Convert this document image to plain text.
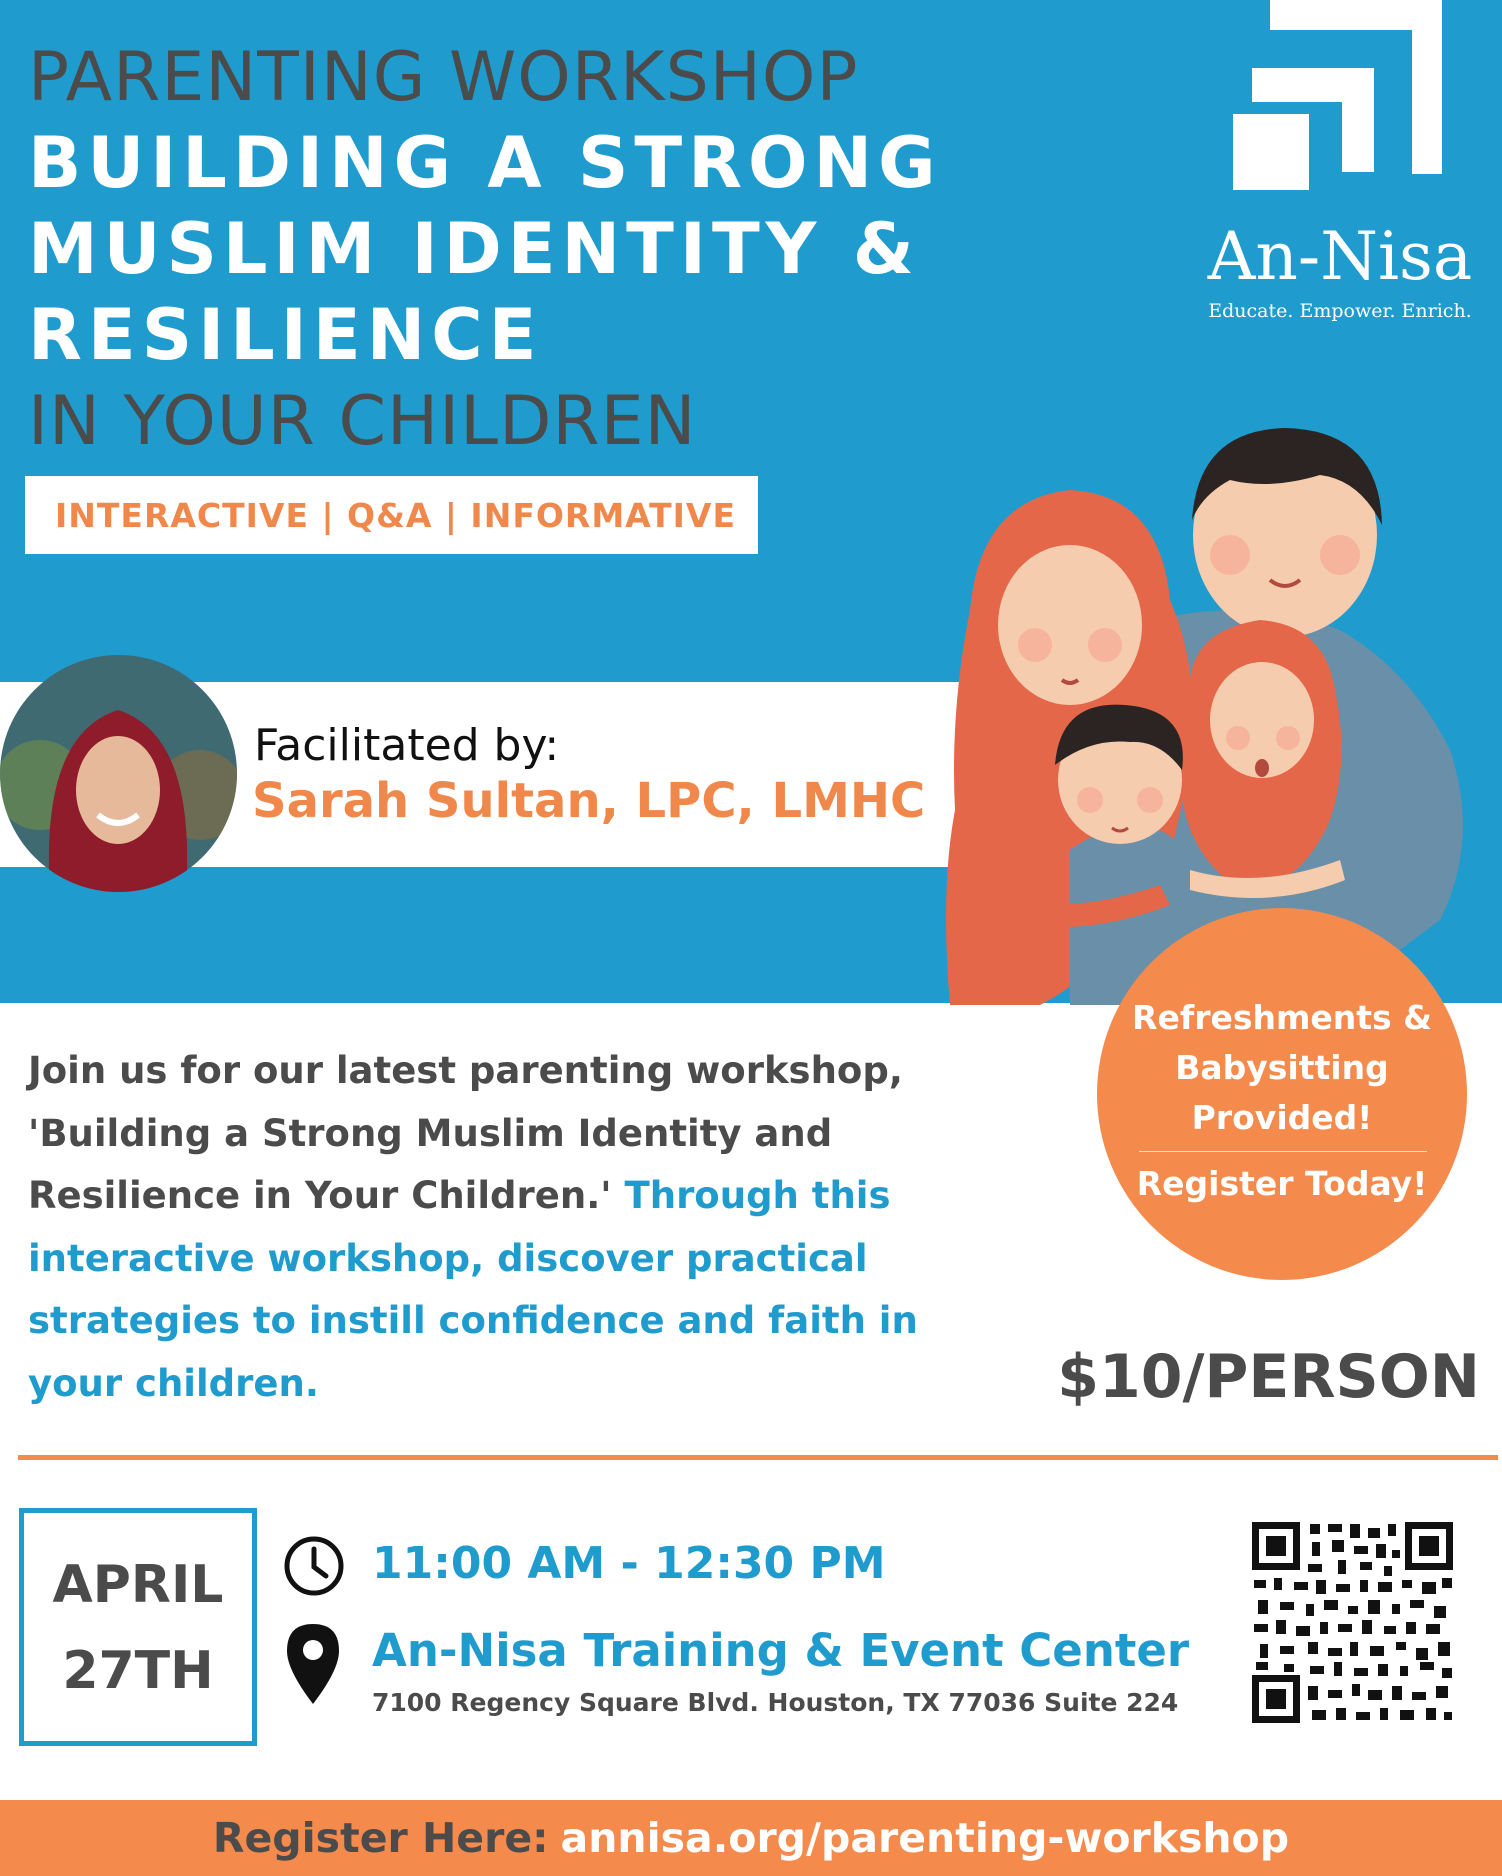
PARENTING WORKSHOP
BUILDING A STRONG
MUSLIM IDENTITY &
RESILIENCE
IN YOUR CHILDREN
INTERACTIVE | Q&A | INFORMATIVE
An-Nisa
Educate. Empower. Enrich.
Facilitated by:
Sarah Sultan, LPC, LMHC
Join us for our latest parenting workshop, 'Building a Strong Muslim Identity and Resilience in Your Children.' Through this interactive workshop, discover practical strategies to instill confidence and faith in your children.
Refreshments &
Babysitting
Provided!
Register Today!
$10/PERSON
APRIL
27TH
11:00 AM - 12:30 PM
An-Nisa Training & Event Center
7100 Regency Square Blvd. Houston, TX 77036 Suite 224
Register Here: annisa.org/parenting-workshop
